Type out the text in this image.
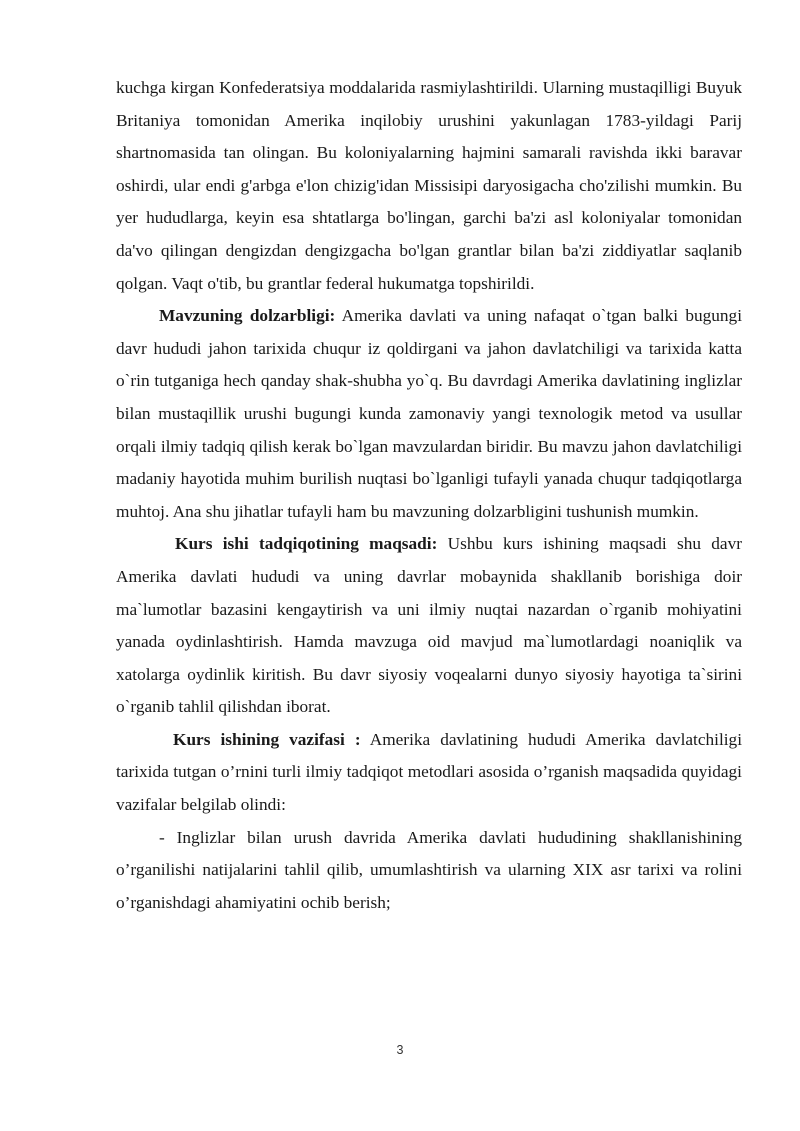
kuchga kirgan Konfederatsiya moddalarida rasmiylashtirildi. Ularning mustaqilligi Buyuk Britaniya tomonidan Amerika inqilobiy urushini yakunlagan 1783-yildagi Parij shartnomasida tan olingan. Bu koloniyalarning hajmini samarali ravishda ikki baravar oshirdi, ular endi g'arbga e'lon chizig'idan Missisipi daryosigacha cho'zilishi mumkin. Bu yer hududlarga, keyin esa shtatlarga bo'lingan, garchi ba'zi asl koloniyalar tomonidan da'vo qilingan dengizdan dengizgacha bo'lgan grantlar bilan ba'zi ziddiyatlar saqlanib qolgan. Vaqt o'tib, bu grantlar federal hukumatga topshirildi.

Mavzuning dolzarbligi: Amerika davlati va uning nafaqat o`tgan balki bugungi davr hududi jahon tarixida chuqur iz qoldirgani va jahon davlatchiligi va tarixida katta o`rin tutganiga hech qanday shak-shubha yo`q. Bu davrdagi Amerika davlatining inglizlar bilan mustaqillik urushi bugungi kunda zamonaviy yangi texnologik metod va usullar orqali ilmiy tadqiq qilish kerak bo`lgan mavzulardan biridir. Bu mavzu jahon davlatchiligi madaniy hayotida muhim burilish nuqtasi bo`lganligi tufayli yanada chuqur tadqiqotlarga muhtoj. Ana shu jihatlar tufayli ham bu mavzuning dolzarbligini tushunish mumkin.

Kurs ishi tadqiqotining maqsadi: Ushbu kurs ishining maqsadi shu davr Amerika davlati hududi va uning davrlar mobaynida shakllanib borishiga doir ma`lumotlar bazasini kengaytirish va uni ilmiy nuqtai nazardan o`rganib mohiyatini yanada oydinlashtirish. Hamda mavzuga oid mavjud ma`lumotlardagi noaniqlik va xatolarga oydinlik kiritish. Bu davr siyosiy voqealarni dunyo siyosiy hayotiga ta`sirini o`rganib tahlil qilishdan iborat.

Kurs ishining vazifasi : Amerika davlatining hududi Amerika davlatchiligi tarixida tutgan o’rnini turli ilmiy tadqiqot metodlari asosida o’rganish maqsadida quyidagi vazifalar belgilab olindi:

- Inglizlar bilan urush davrida Amerika davlati hududining shakllanishining o’rganilishi natijalarini tahlil qilib, umumlashtirish va ularning XIX asr tarixi va rolini o’rganishdagi ahamiyatini ochib berish;

3
